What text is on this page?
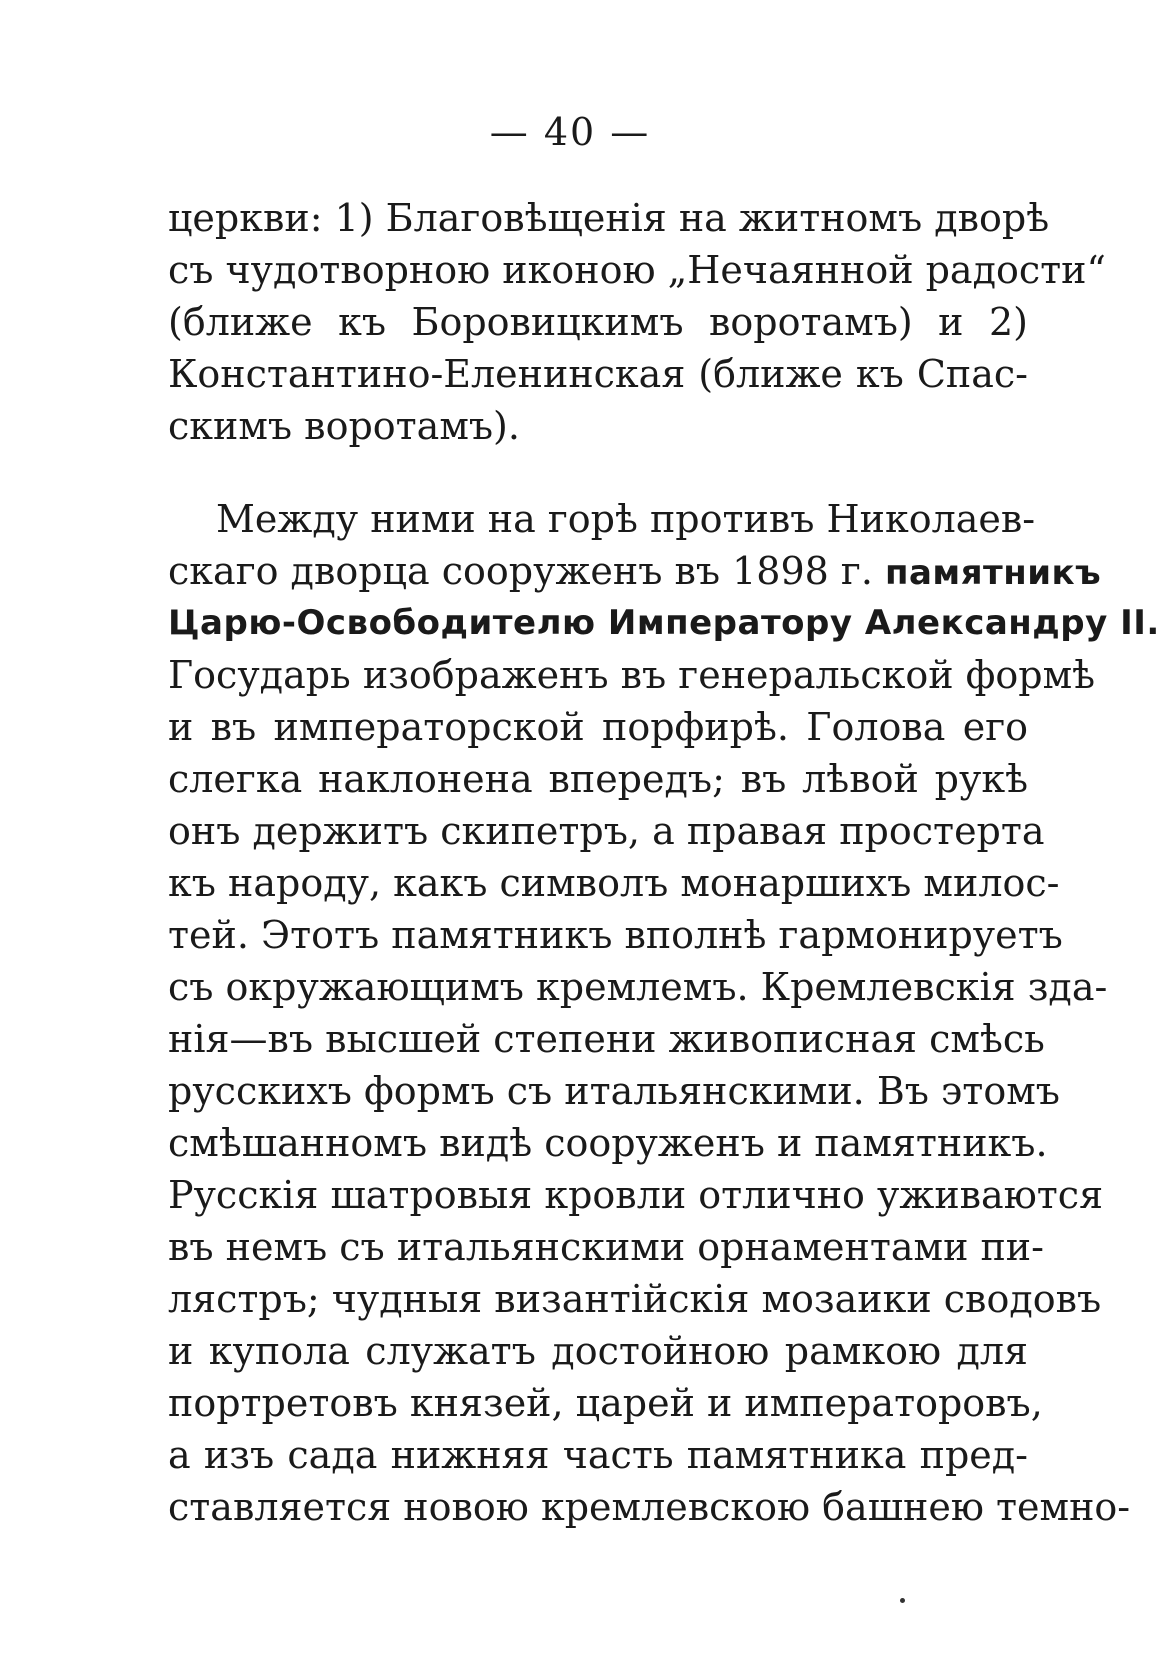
— 40 —
церкви: 1) Благовѣщенія на житномъ дворѣ
съ чудотворною иконою „Нечаянной радости“
(ближе къ Боровицкимъ воротамъ) и 2)
Константино-Еленинская (ближе къ Спас-
скимъ воротамъ).
Между ними на горѣ противъ Николаев-
скаго дворца сооруженъ въ 1898 г. памятникъ
Царю-Освободителю Императору Александру II.
Государь изображенъ въ генеральской формѣ
и въ императорской порфирѣ. Голова его
слегка наклонена впередъ; въ лѣвой рукѣ
онъ держитъ скипетръ, а правая простерта
къ народу, какъ символъ монаршихъ милос-
тей. Этотъ памятникъ вполнѣ гармонируетъ
съ окружающимъ кремлемъ. Кремлевскія зда-
нія—въ высшей степени живописная смѣсь
русскихъ формъ съ итальянскими. Въ этомъ
смѣшанномъ видѣ сооруженъ и памятникъ.
Русскія шатровыя кровли отлично уживаются
въ немъ съ итальянскими орнаментами пи-
лястръ; чудныя византійскія мозаики сводовъ
и купола служатъ достойною рамкою для
портретовъ князей, царей и императоровъ,
а изъ сада нижняя часть памятника пред-
ставляется новою кремлевскою башнею темно-
